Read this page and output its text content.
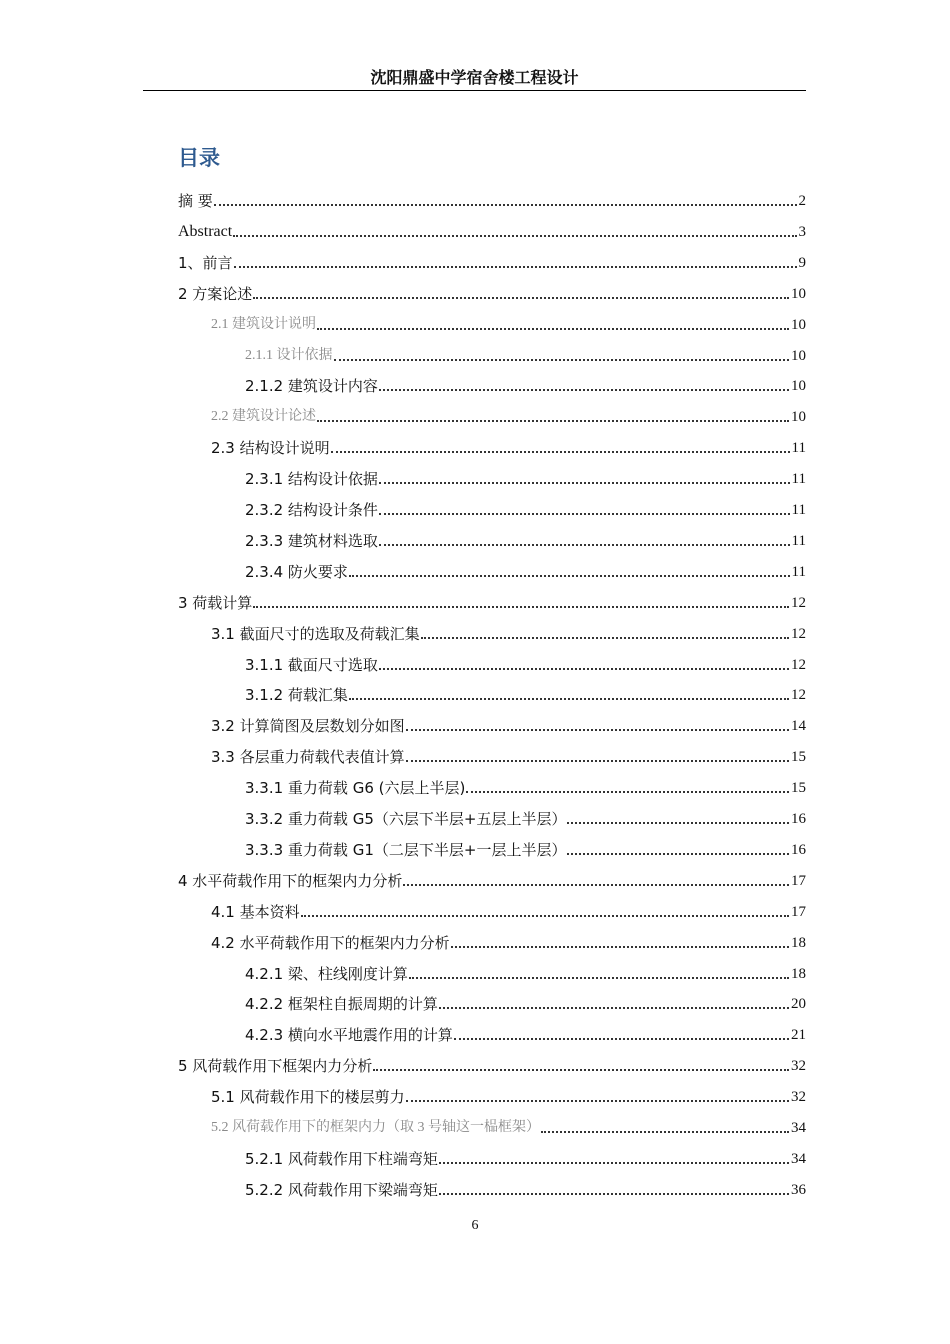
沈阳鼎盛中学宿舍楼工程设计
目录
摘 要	2
Abstract	3
1、前言	9
2 方案论述	10
2.1 建筑设计说明	10
2.1.1 设计依据	10
2.1.2 建筑设计内容	10
2.2 建筑设计论述	10
2.3 结构设计说明	11
2.3.1 结构设计依据	11
2.3.2 结构设计条件	11
2.3.3 建筑材料选取	11
2.3.4 防火要求	11
3 荷载计算	12
3.1 截面尺寸的选取及荷载汇集	12
3.1.1 截面尺寸选取	12
3.1.2 荷载汇集	12
3.2 计算简图及层数划分如图	14
3.3 各层重力荷载代表值计算	15
3.3.1 重力荷载 G6 (六层上半层)	15
3.3.2 重力荷载 G5（六层下半层+五层上半层）	16
3.3.3 重力荷载 G1（二层下半层+一层上半层）	16
4 水平荷载作用下的框架内力分析	17
4.1 基本资料	17
4.2 水平荷载作用下的框架内力分析	18
4.2.1 梁、柱线刚度计算	18
4.2.2 框架柱自振周期的计算	20
4.2.3 横向水平地震作用的计算	21
5 风荷载作用下框架内力分析	32
5.1 风荷载作用下的楼层剪力	32
5.2 风荷载作用下的框架内力（取 3 号轴这一榀框架）	34
5.2.1 风荷载作用下柱端弯矩	34
5.2.2 风荷载作用下梁端弯矩	36
6
